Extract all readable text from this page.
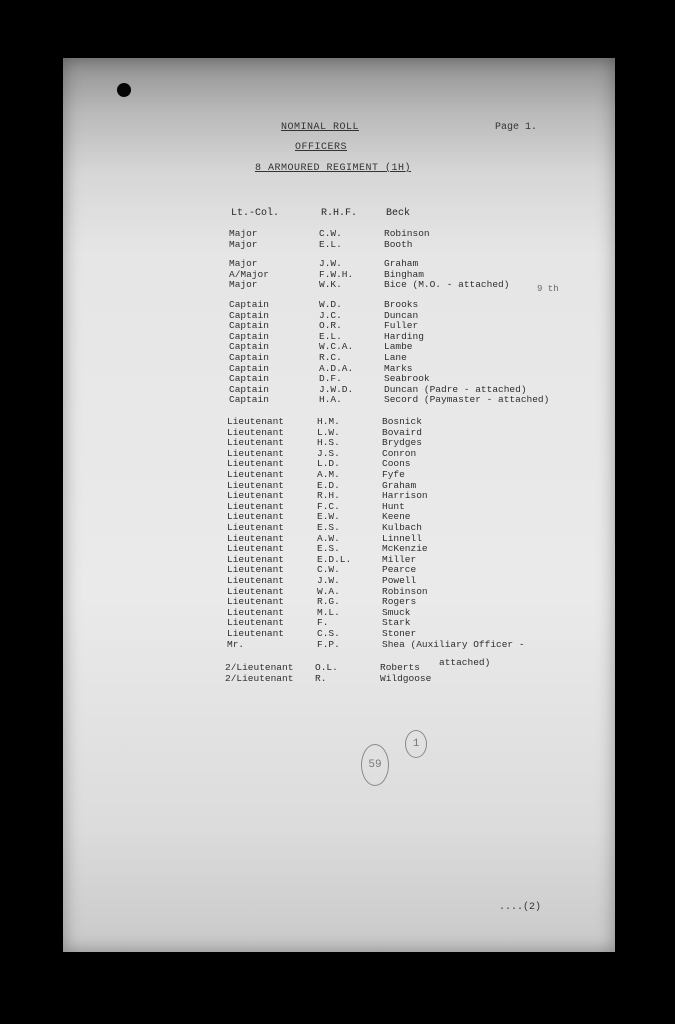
NOMINAL ROLL
OFFICERS
8 ARMOURED REGIMENT (1H)
Page 1.
Lt.-Col.	R.H.F.	Beck
Major	C.W.	Robinson
Major	E.L.	Booth
Major	J.W.	Graham
A/Major	F.W.H.	Bingham
Major	W.K.	Bice (M.O. - attached)
Captain	W.D.	Brooks
Captain	J.C.	Duncan
Captain	O.R.	Fuller
Captain	E.L.	Harding
Captain	W.C.A.	Lambe
Captain	R.C.	Lane
Captain	A.D.A.	Marks
Captain	D.F.	Seabrook
Captain	J.W.D.	Duncan (Padre - attached)
Captain	H.A.	Secord (Paymaster - attached)
Lieutenant	H.M.	Bosnick
Lieutenant	L.W.	Bovaird
Lieutenant	H.S.	Brydges
Lieutenant	J.S.	Conron
Lieutenant	L.D.	Coons
Lieutenant	A.M.	Fyfe
Lieutenant	E.D.	Graham
Lieutenant	R.H.	Harrison
Lieutenant	F.C.	Hunt
Lieutenant	E.W.	Keene
Lieutenant	E.S.	Kulbach
Lieutenant	A.W.	Linnell
Lieutenant	E.S.	McKenzie
Lieutenant	E.D.L.	Miller
Lieutenant	C.W.	Pearce
Lieutenant	J.W.	Powell
Lieutenant	W.A.	Robinson
Lieutenant	R.G.	Rogers
Lieutenant	M.L.	Smuck
Lieutenant	F.	Stark
Lieutenant	C.S.	Stoner
Mr.	F.P.	Shea (Auxiliary Officer -
2/Lieutenant O.L.	Roberts
2/Lieutenant R.	Wildgoose
attached)
9 th
59
1
....(2)
